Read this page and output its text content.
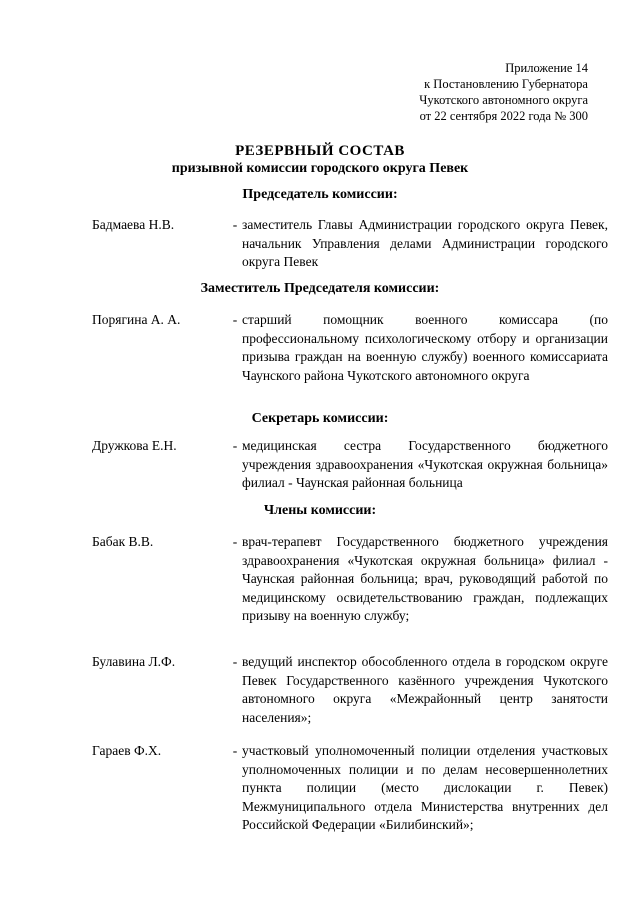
Приложение 14
к Постановлению Губернатора
Чукотского автономного округа
от 22 сентября 2022 года № 300
РЕЗЕРВНЫЙ СОСТАВ
призывной комиссии городского округа Певек
Председатель комиссии:
Бадмаева Н.В.	- заместитель Главы Администрации городского округа Певек, начальник Управления делами Администрации городского округа Певек
Заместитель Председателя комиссии:
Порягина А. А.	- старший помощник военного комиссара (по профессиональному психологическому отбору и организации призыва граждан на военную службу) военного комиссариата Чаунского района Чукотского автономного округа
Секретарь комиссии:
Дружкова Е.Н.	- медицинская сестра Государственного бюджетного учреждения здравоохранения «Чукотская окружная больница» филиал - Чаунская районная больница
Члены комиссии:
Бабак В.В.	- врач-терапевт Государственного бюджетного учреждения здравоохранения «Чукотская окружная больница» филиал - Чаунская районная больница; врач, руководящий работой по медицинскому освидетельствованию граждан, подлежащих призыву на военную службу;
Булавина Л.Ф.	- ведущий инспектор обособленного отдела в городском округе Певек Государственного казённого учреждения Чукотского автономного округа «Межрайонный центр занятости населения»;
Гараев Ф.Х.	- участковый уполномоченный полиции отделения участковых уполномоченных полиции и по делам несовершеннолетних пункта полиции (место дислокации г. Певек) Межмуниципального отдела Министерства внутренних дел Российской Федерации «Билибинский»;
